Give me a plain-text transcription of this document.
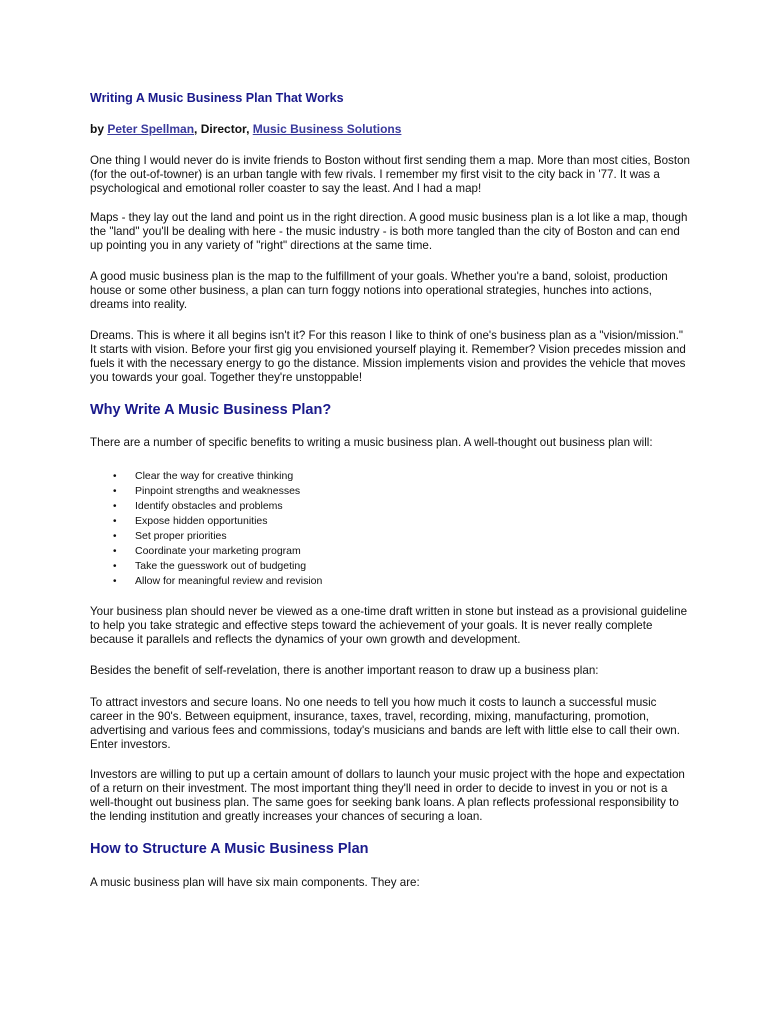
Writing A Music Business Plan That Works

by Peter Spellman, Director, Music Business Solutions

One thing I would never do is invite friends to Boston without first sending them a map. More than most cities, Boston (for the out-of-towner) is an urban tangle with few rivals. I remember my first visit to the city back in '77. It was a psychological and emotional roller coaster to say the least. And I had a map!

Maps - they lay out the land and point us in the right direction. A good music business plan is a lot like a map, though the "land" you'll be dealing with here - the music industry - is both more tangled than the city of Boston and can end up pointing you in any variety of "right" directions at the same time.

A good music business plan is the map to the fulfillment of your goals. Whether you're a band, soloist, production house or some other business, a plan can turn foggy notions into operational strategies, hunches into actions, dreams into reality.

Dreams. This is where it all begins isn't it? For this reason I like to think of one's business plan as a "vision/mission." It starts with vision. Before your first gig you envisioned yourself playing it. Remember? Vision precedes mission and fuels it with the necessary energy to go the distance. Mission implements vision and provides the vehicle that moves you towards your goal. Together they're unstoppable!

Why Write A Music Business Plan?

There are a number of specific benefits to writing a music business plan. A well-thought out business plan will:

• Clear the way for creative thinking
• Pinpoint strengths and weaknesses
• Identify obstacles and problems
• Expose hidden opportunities
• Set proper priorities
• Coordinate your marketing program
• Take the guesswork out of budgeting
• Allow for meaningful review and revision

Your business plan should never be viewed as a one-time draft written in stone but instead as a provisional guideline to help you take strategic and effective steps toward the achievement of your goals. It is never really complete because it parallels and reflects the dynamics of your own growth and development.

Besides the benefit of self-revelation, there is another important reason to draw up a business plan:

To attract investors and secure loans. No one needs to tell you how much it costs to launch a successful music career in the 90's. Between equipment, insurance, taxes, travel, recording, mixing, manufacturing, promotion, advertising and various fees and commissions, today's musicians and bands are left with little else to call their own. Enter investors.

Investors are willing to put up a certain amount of dollars to launch your music project with the hope and expectation of a return on their investment. The most important thing they'll need in order to decide to invest in you or not is a well-thought out business plan. The same goes for seeking bank loans. A plan reflects professional responsibility to the lending institution and greatly increases your chances of securing a loan.

How to Structure A Music Business Plan

A music business plan will have six main components. They are:
